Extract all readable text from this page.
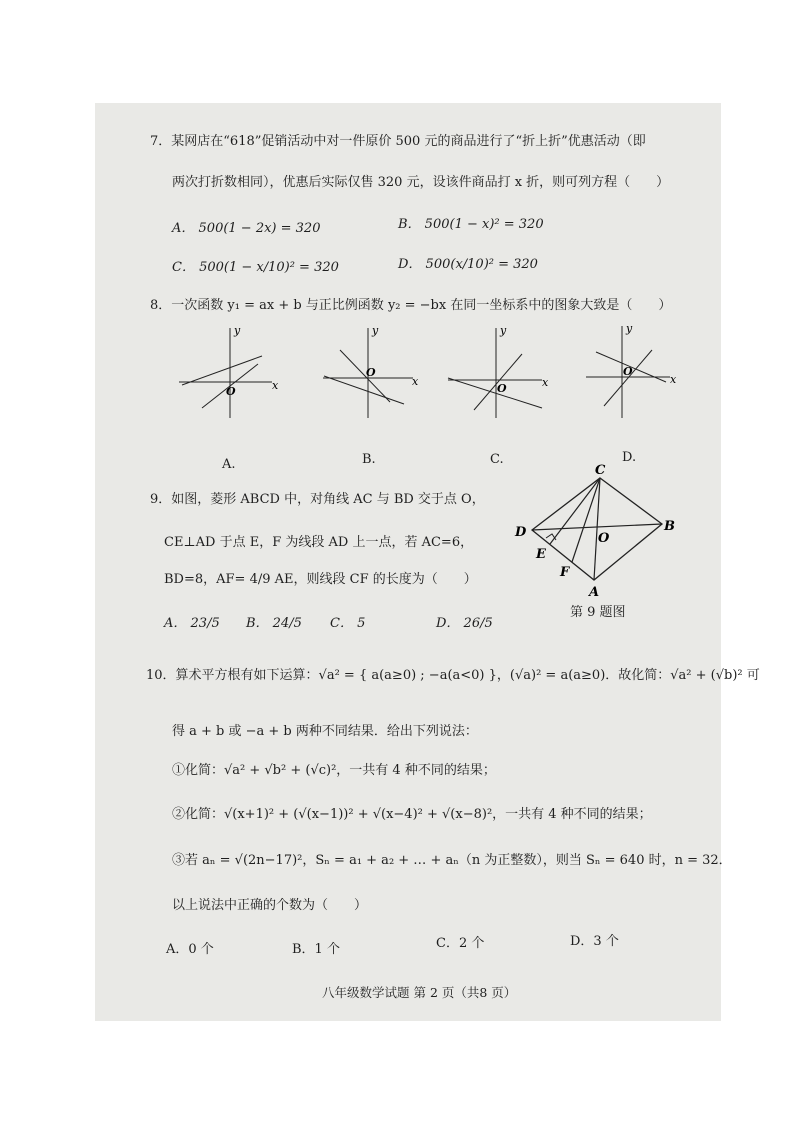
7．某网店在“618”促销活动中对一件原价 500 元的商品进行了“折上折”优惠活动（即
两次打折数相同），优惠后实际仅售 320 元，设该件商品打 x 折，则可列方程（　　）
A． 500(1 − 2x) = 320	B． 500(1 − x)² = 320
C． 500(1 − x/10)² = 320	D． 500(x/10)² = 320
8．一次函数 y₁ = ax + b 与正比例函数 y₂ = −bx 在同一坐标系中的图象大致是（　　）
y
x
O
y
x
O
y
x
O
y
x
O
A.	B.	C.	D.
9．如图，菱形 ABCD 中，对角线 AC 与 BD 交于点 O，
CE⊥AD 于点 E，F 为线段 AD 上一点，若 AC=6，
BD=8，AF= 4/9 AE，则线段 CF 的长度为（　　）
A． 23/5 B． 24/5 C． 5	D． 26/5
C
B
D
A
E
F
O
第 9 题图
10．算术平方根有如下运算：√a² = { a(a≥0) ; −a(a<0) }，(√a)² = a(a≥0)．故化简：√a² + (√b)² 可
得 a + b 或 −a + b 两种不同结果．给出下列说法：
①化简：√a² + √b² + (√c)²，一共有 4 种不同的结果；
②化简：√(x+1)² + (√(x−1))² + √(x−4)² + √(x−8)²，一共有 4 种不同的结果；
③若 aₙ = √(2n−17)²，Sₙ = a₁ + a₂ + … + aₙ（n 为正整数），则当 Sₙ = 640 时，n = 32．
以上说法中正确的个数为（　　）
A．0 个	B．1 个	C．2 个	D．3 个
八年级数学试题 第 2 页（共8 页）
